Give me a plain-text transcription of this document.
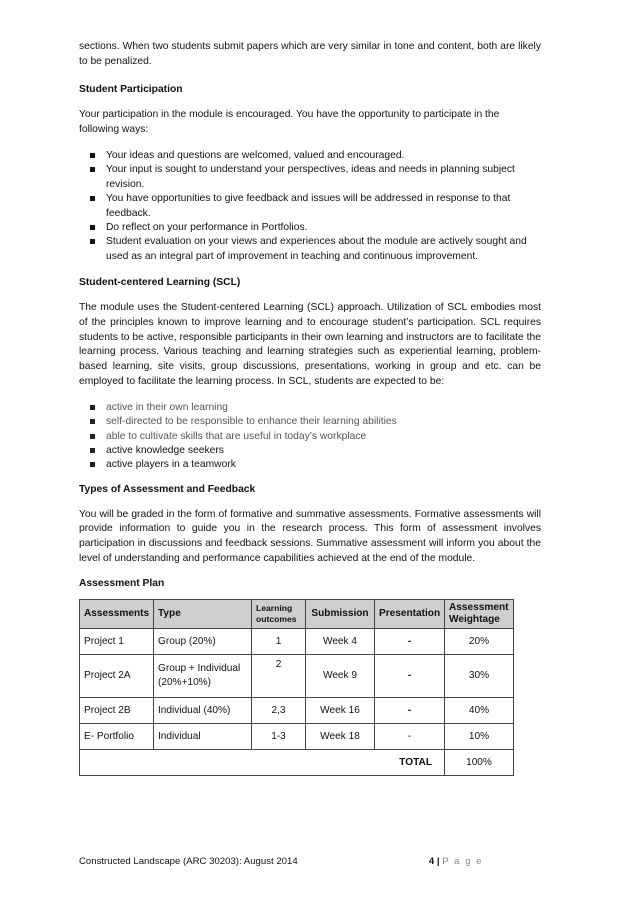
sections. When two students submit papers which are very similar in tone and content, both are likely to be penalized.

Student Participation

Your participation in the module is encouraged. You have the opportunity to participate in the following ways:

Your ideas and questions are welcomed, valued and encouraged.
Your input is sought to understand your perspectives, ideas and needs in planning subject revision.
You have opportunities to give feedback and issues will be addressed in response to that feedback.
Do reflect on your performance in Portfolios.
Student evaluation on your views and experiences about the module are actively sought and used as an integral part of improvement in teaching and continuous improvement.

Student-centered Learning (SCL)

The module uses the Student-centered Learning (SCL) approach. Utilization of SCL embodies most of the principles known to improve learning and to encourage student’s participation. SCL requires students to be active, responsible participants in their own learning and instructors are to facilitate the learning process. Various teaching and learning strategies such as experiential learning, problem-based learning, site visits, group discussions, presentations, working in group and etc. can be employed to facilitate the learning process. In SCL, students are expected to be:

active in their own learning
self-directed to be responsible to enhance their learning abilities
able to cultivate skills that are useful in today’s workplace
active knowledge seekers
active players in a teamwork

Types of Assessment and Feedback

You will be graded in the form of formative and summative assessments. Formative assessments will provide information to guide you in the research process. This form of assessment involves participation in discussions and feedback sessions. Summative assessment will inform you about the level of understanding and performance capabilities achieved at the end of the module.

Assessment Plan

Assessments	Type	Learning outcomes	Submission	Presentation	Assessment Weightage
Project 1	Group (20%)	1	Week 4	-	20%
Project 2A	Group + Individual (20%+10%)	2	Week 9	-	30%
Project 2B	Individual (40%)	2,3	Week 16	-	40%
E- Portfolio	Individual	1-3	Week 18	-	10%
TOTAL					100%
Constructed Landscape (ARC 30203): August 2014	4 | P a g e
